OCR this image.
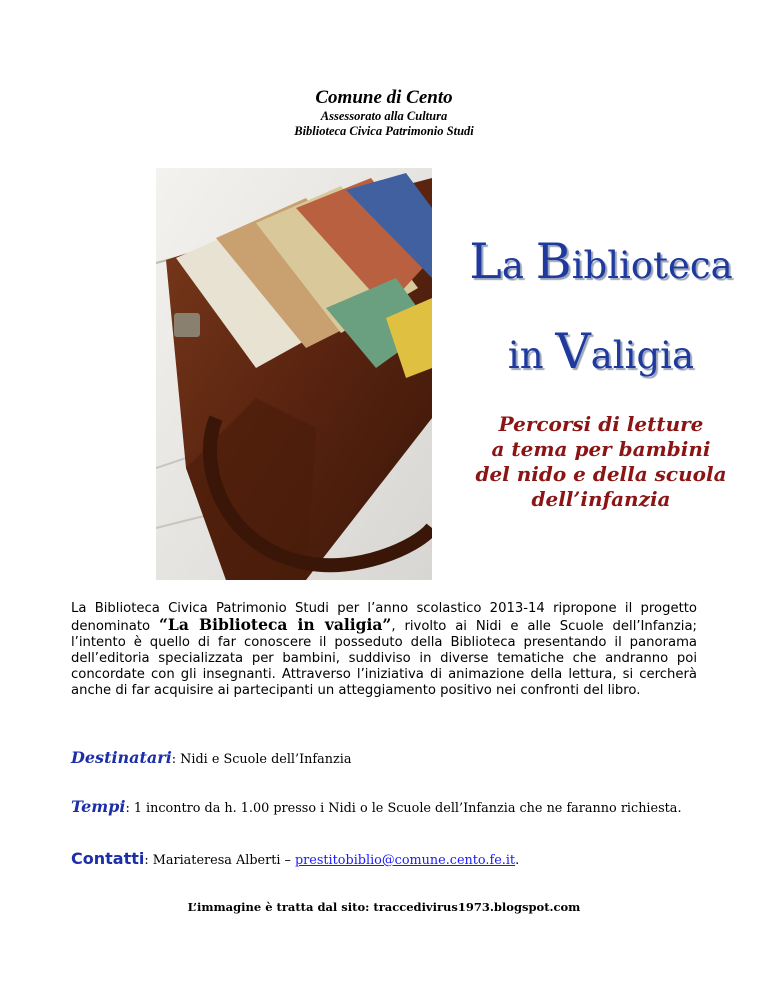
Comune di Cento
Assessorato alla Cultura
Biblioteca Civica Patrimonio Studi
La Biblioteca
in Valigia
Percorsi di letture
a tema per bambini
del nido e della scuola
dell’infanzia
La Biblioteca Civica Patrimonio Studi per l’anno scolastico 2013-14 ripropone il progetto denominato “La Biblioteca in valigia”, rivolto ai Nidi e alle Scuole dell’Infanzia; l’intento è quello di far conoscere il posseduto della Biblioteca presentando il panorama dell’editoria specializzata per bambini, suddiviso in diverse tematiche che andranno poi concordate con gli insegnanti. Attraverso l’iniziativa di animazione della lettura, si cercherà anche di far acquisire ai partecipanti un atteggiamento positivo nei confronti del libro.
Destinatari: Nidi e Scuole dell’Infanzia
Tempi: 1 incontro da h. 1.00 presso i Nidi o le Scuole dell’Infanzia che ne faranno richiesta.
Contatti: Mariateresa Alberti – prestitobiblio@comune.cento.fe.it.
L’immagine è tratta dal sito: traccedivirus1973.blogspot.com
